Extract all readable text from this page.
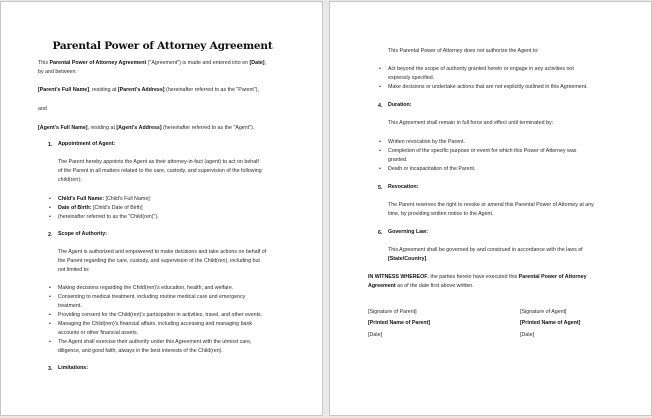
Parental Power of Attorney Agreement
This Parental Power of Attorney Agreement ("Agreement") is made and entered into on [Date],
by and between:
[Parent's Full Name], residing at [Parent's Address] (hereinafter referred to as the "Parent"),
and
[Agent's Full Name], residing at [Agent's Address] (hereinafter referred to as the "Agent").
1. Appointment of Agent:
The Parent hereby appoints the Agent as their attorney-in-fact (agent) to act on behalf
of the Parent in all matters related to the care, custody, and supervision of the following
child(ren):
▪ Child's Full Name: [Child's Full Name]
▪ Date of Birth: [Child's Date of Birth]
▪ (hereinafter referred to as the "Child(ren)").
2. Scope of Authority:
The Agent is authorized and empowered to make decisions and take actions on behalf of
the Parent regarding the care, custody, and supervision of the Child(ren), including but
not limited to:
▪ Making decisions regarding the Child(ren)'s education, health, and welfare.
▪ Consenting to medical treatment, including routine medical care and emergency
treatment.
▪ Providing consent for the Child(ren)'s participation in activities, travel, and other events.
▪ Managing the Child(ren)'s financial affairs, including accessing and managing bank
accounts or other financial assets.
▪ The Agent shall exercise their authority under this Agreement with the utmost care,
diligence, and good faith, always in the best interests of the Child(ren).
3. Limitations:
This Parental Power of Attorney does not authorize the Agent to:
▪ Act beyond the scope of authority granted herein or engage in any activities not
expressly specified.
▪ Make decisions or undertake actions that are not explicitly outlined in this Agreement.
4. Duration:
This Agreement shall remain in full force and effect until terminated by:
▪ Written revocation by the Parent.
▪ Completion of the specific purpose or event for which this Power of Attorney was
granted.
▪ Death or incapacitation of the Parent.
5. Revocation:
The Parent reserves the right to revoke or amend this Parental Power of Attorney at any
time, by providing written notice to the Agent.
6. Governing Law:
This Agreement shall be governed by and construed in accordance with the laws of
[State/Country].
IN WITNESS WHEREOF, the parties hereto have executed this Parental Power of Attorney
Agreement as of the date first above written.
[Signature of Parent]
[Printed Name of Parent]
[Date]
[Signature of Agent]
[Printed Name of Agent]
[Date]
